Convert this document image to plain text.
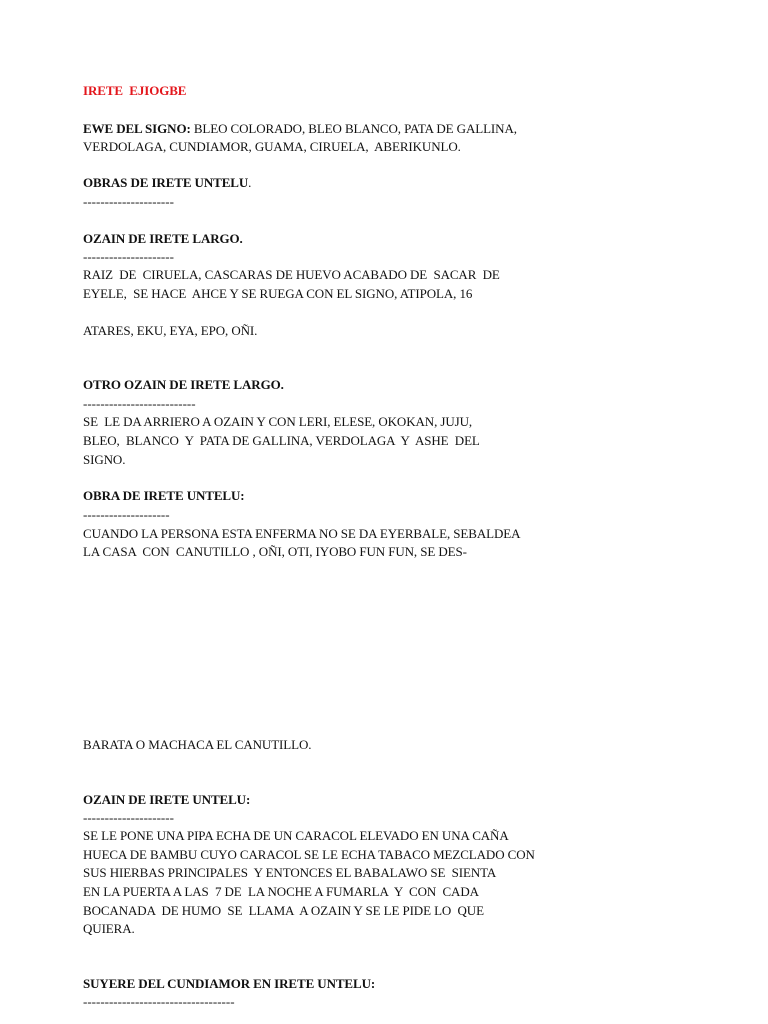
IRETE  EJIOGBE
EWE DEL SIGNO: BLEO COLORADO, BLEO BLANCO, PATA DE GALLINA,
VERDOLAGA, CUNDIAMOR, GUAMA, CIRUELA,  ABERIKUNLO.
OBRAS DE IRETE UNTELU.
---------------------
OZAIN DE IRETE LARGO.
---------------------
RAIZ  DE  CIRUELA, CASCARAS DE HUEVO ACABADO DE  SACAR  DE
EYELE,  SE HACE  AHCE Y SE RUEGA CON EL SIGNO, ATIPOLA, 16
ATARES, EKU, EYA, EPO, OÑI.
OTRO OZAIN DE IRETE LARGO.
--------------------------
SE  LE DA ARRIERO A OZAIN Y CON LERI, ELESE, OKOKAN, JUJU,
BLEO,  BLANCO  Y  PATA DE GALLINA, VERDOLAGA  Y  ASHE  DEL
SIGNO.
OBRA DE IRETE UNTELU:
--------------------
CUANDO LA PERSONA ESTA ENFERMA NO SE DA EYERBALE, SEBALDEA
LA CASA  CON  CANUTILLO , OÑI, OTI, IYOBO FUN FUN, SE DES-
BARATA O MACHACA EL CANUTILLO.
OZAIN DE IRETE UNTELU:
---------------------
SE LE PONE UNA PIPA ECHA DE UN CARACOL ELEVADO EN UNA CAÑA
HUECA DE BAMBU CUYO CARACOL SE LE ECHA TABACO MEZCLADO CON
SUS HIERBAS PRINCIPALES  Y ENTONCES EL BABALAWO SE  SIENTA
EN LA PUERTA A LAS  7 DE  LA NOCHE A FUMARLA  Y  CON  CADA
BOCANADA  DE HUMO  SE  LLAMA  A OZAIN Y SE LE PIDE LO  QUE
QUIERA.
SUYERE DEL CUNDIAMOR EN IRETE UNTELU:
-----------------------------------
